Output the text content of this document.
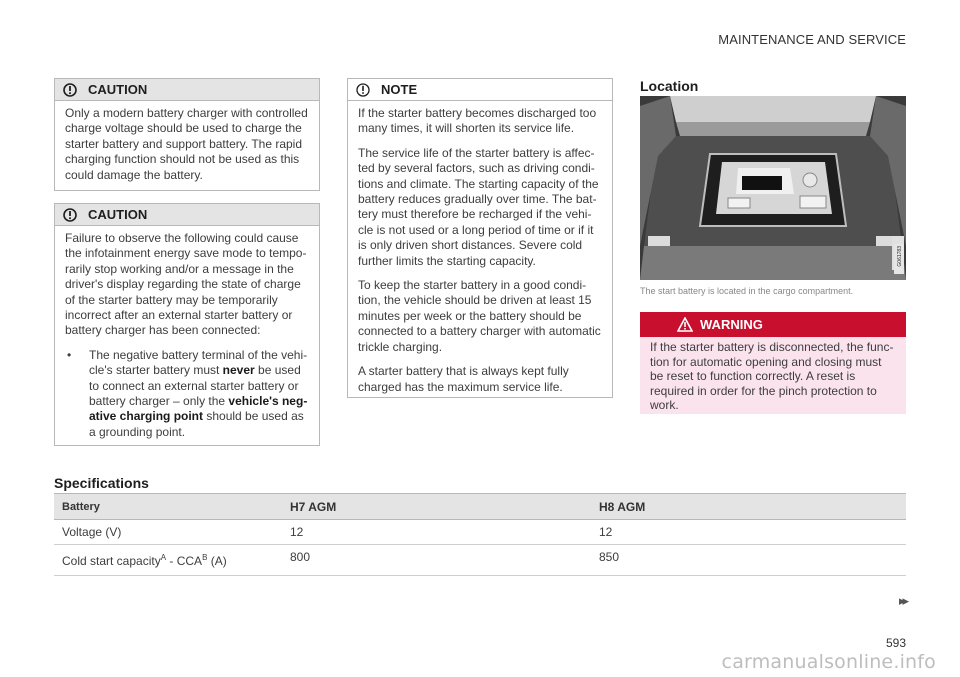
MAINTENANCE AND SERVICE
CAUTION

Only a modern battery charger with controlled charge voltage should be used to charge the starter battery and support battery. The rapid charging function should not be used as this could damage the battery.

CAUTION

Failure to observe the following could cause the infotainment energy save mode to temporarily stop working and/or a message in the driver's display regarding the state of charge of the starter battery may be temporarily incorrect after an external starter battery or battery charger has been connected:

•	The negative battery terminal of the vehicle's starter battery must never be used to connect an external starter battery or battery charger – only the vehicle's negative charging point should be used as a grounding point.
NOTE

If the starter battery becomes discharged too many times, it will shorten its service life.

The service life of the starter battery is affected by several factors, such as driving conditions and climate. The starting capacity of the battery reduces gradually over time. The battery must therefore be recharged if the vehicle is not used or a long period of time or if it is only driven short distances. Severe cold further limits the starting capacity.

To keep the starter battery in a good condition, the vehicle should be driven at least 15 minutes per week or the battery should be connected to a battery charger with automatic trickle charging.

A starter battery that is always kept fully charged has the maximum service life.

Location
G061783
The start battery is located in the cargo compartment.
WARNING
If the starter battery is disconnected, the function for automatic opening and closing must be reset to function correctly. A reset is required in order for the pinch protection to work.
Specifications
Battery	H7 AGM	H8 AGM
Voltage (V)	12	12
Cold start capacity$^A$ - $CCA^B$ (A)	800	850
▸▸
593
carmanualsonline.info
